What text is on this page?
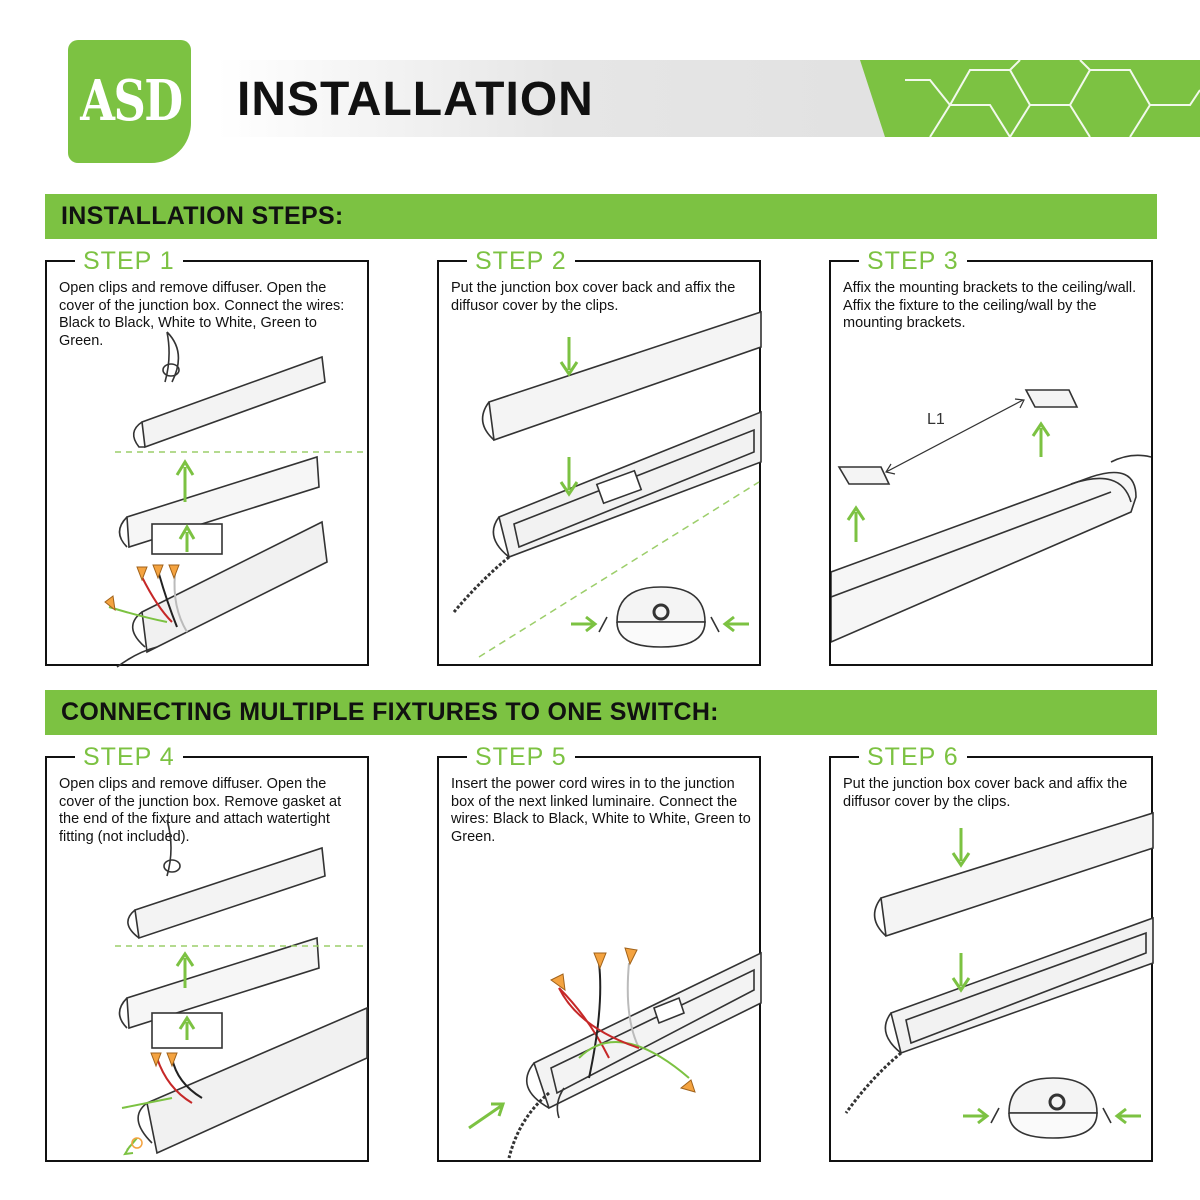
ASD INSTALLATION
INSTALLATION STEPS:
STEP 1
Open clips and remove diffuser. Open the cover of the junction box. Connect the wires: Black to Black, White to White, Green to Green.
STEP 2
Put the junction box cover back and affix the diffusor cover by the clips.
STEP 3
Affix the mounting brackets to the ceiling/wall. Affix the fixture to the ceiling/wall by the mounting brackets.
L1
CONNECTING MULTIPLE FIXTURES TO ONE SWITCH:
STEP 4
Open clips and remove diffuser. Open the cover of the junction box. Remove gasket at the end of the fixture and attach watertight fitting (not included).
STEP 5
Insert the power cord wires in to the junction box of the next linked luminaire. Connect the wires: Black to Black, White to White, Green to Green.
STEP 6
Put the junction box cover back and affix the diffusor cover by the clips.
